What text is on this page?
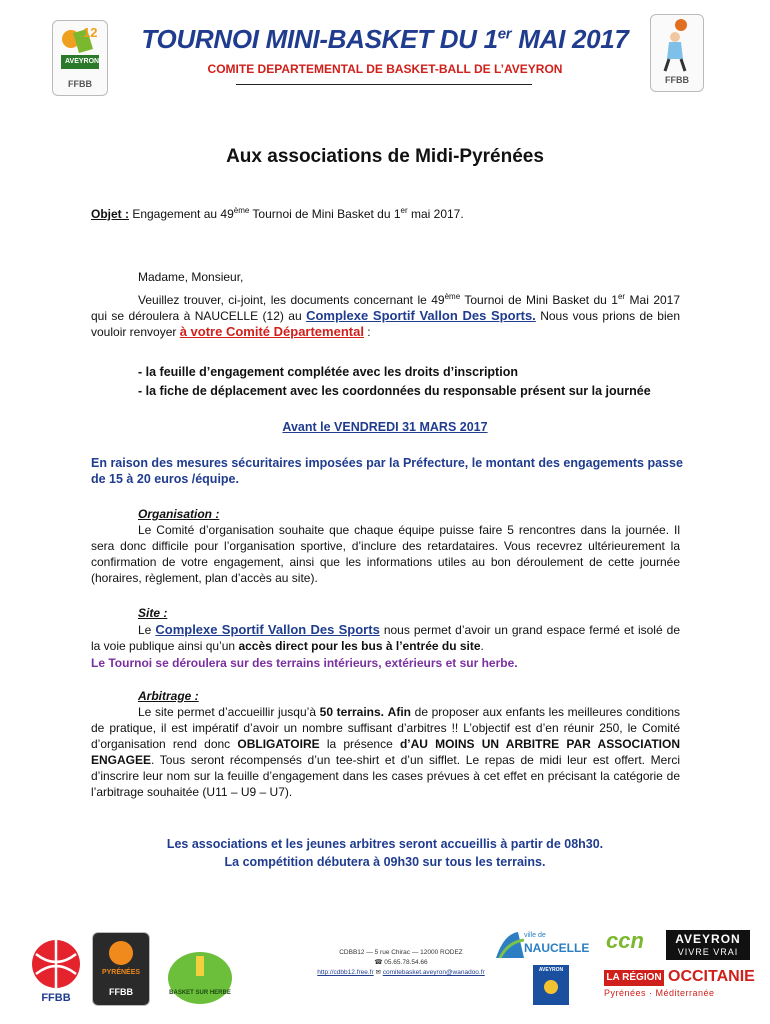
12
AVEYRON
FFBB	FFBB
TOURNOI MINI-BASKET DU 1er MAI 2017
COMITE DEPARTEMENTAL DE BASKET-BALL DE L’AVEYRON
Aux associations de Midi-Pyrénées
Objet : Engagement au 49ème Tournoi de Mini Basket du 1er mai 2017.
Madame, Monsieur,
Veuillez trouver, ci-joint, les documents concernant le 49ème Tournoi de Mini Basket du 1er Mai 2017 qui se déroulera à NAUCELLE (12) au Complexe Sportif Vallon Des Sports. Nous vous prions de bien vouloir renvoyer à votre Comité Départemental :
- la feuille d’engagement complétée avec les droits d’inscription
- la fiche de déplacement avec les coordonnées du responsable présent sur la journée
Avant le VENDREDI 31 MARS 2017
En raison des mesures sécuritaires imposées par la Préfecture, le montant des engagements passe de 15 à 20 euros /équipe.
Organisation :
Le Comité d’organisation souhaite que chaque équipe puisse faire 5 rencontres dans la journée. Il sera donc difficile pour l’organisation sportive, d’inclure des retardataires. Vous recevrez ultérieurement la confirmation de votre engagement, ainsi que les informations utiles au bon déroulement de cette journée (horaires, règlement, plan d’accès au site).
Site :
Le Complexe Sportif Vallon Des Sports nous permet d’avoir un grand espace fermé et isolé de la voie publique ainsi qu’un accès direct pour les bus à l’entrée du site.
Le Tournoi se déroulera sur des terrains intérieurs, extérieurs et sur herbe.
Arbitrage :
Le site permet d’accueillir jusqu’à 50 terrains. Afin de proposer aux enfants les meilleures conditions de pratique, il est impératif d’avoir un nombre suffisant d’arbitres !! L’objectif est d’en réunir 250, le Comité d’organisation rend donc OBLIGATOIRE la présence d’AU MOINS UN ARBITRE PAR ASSOCIATION ENGAGEE. Tous seront récompensés d’un tee-shirt et d’un sifflet. Le repas de midi leur est offert. Merci d’inscrire leur nom sur la feuille d’engagement dans les cases prévues à cet effet en précisant la catégorie de l’arbitrage souhaitée (U11 – U9 – U7).
Les associations et les jeunes arbitres seront accueillis à partir de 08h30.
La compétition débutera à 09h30 sur tous les terrains.
FFBB
PYRÉNÉES
FFBB	BASKET SUR HERBE
CDBB12 — 5 rue Chirac — 12000 RODEZ
☎ 05.65.78.54.66
http://cdbb12.free.fr ✉ comitebasket.aveyron@wanadoo.fr
ville de
NAUCELLE ccn	AVEYRON
VIVRE VRAI
AVEYRON
LA RÉGION OCCITANIE
Pyrénées · Méditerranée
